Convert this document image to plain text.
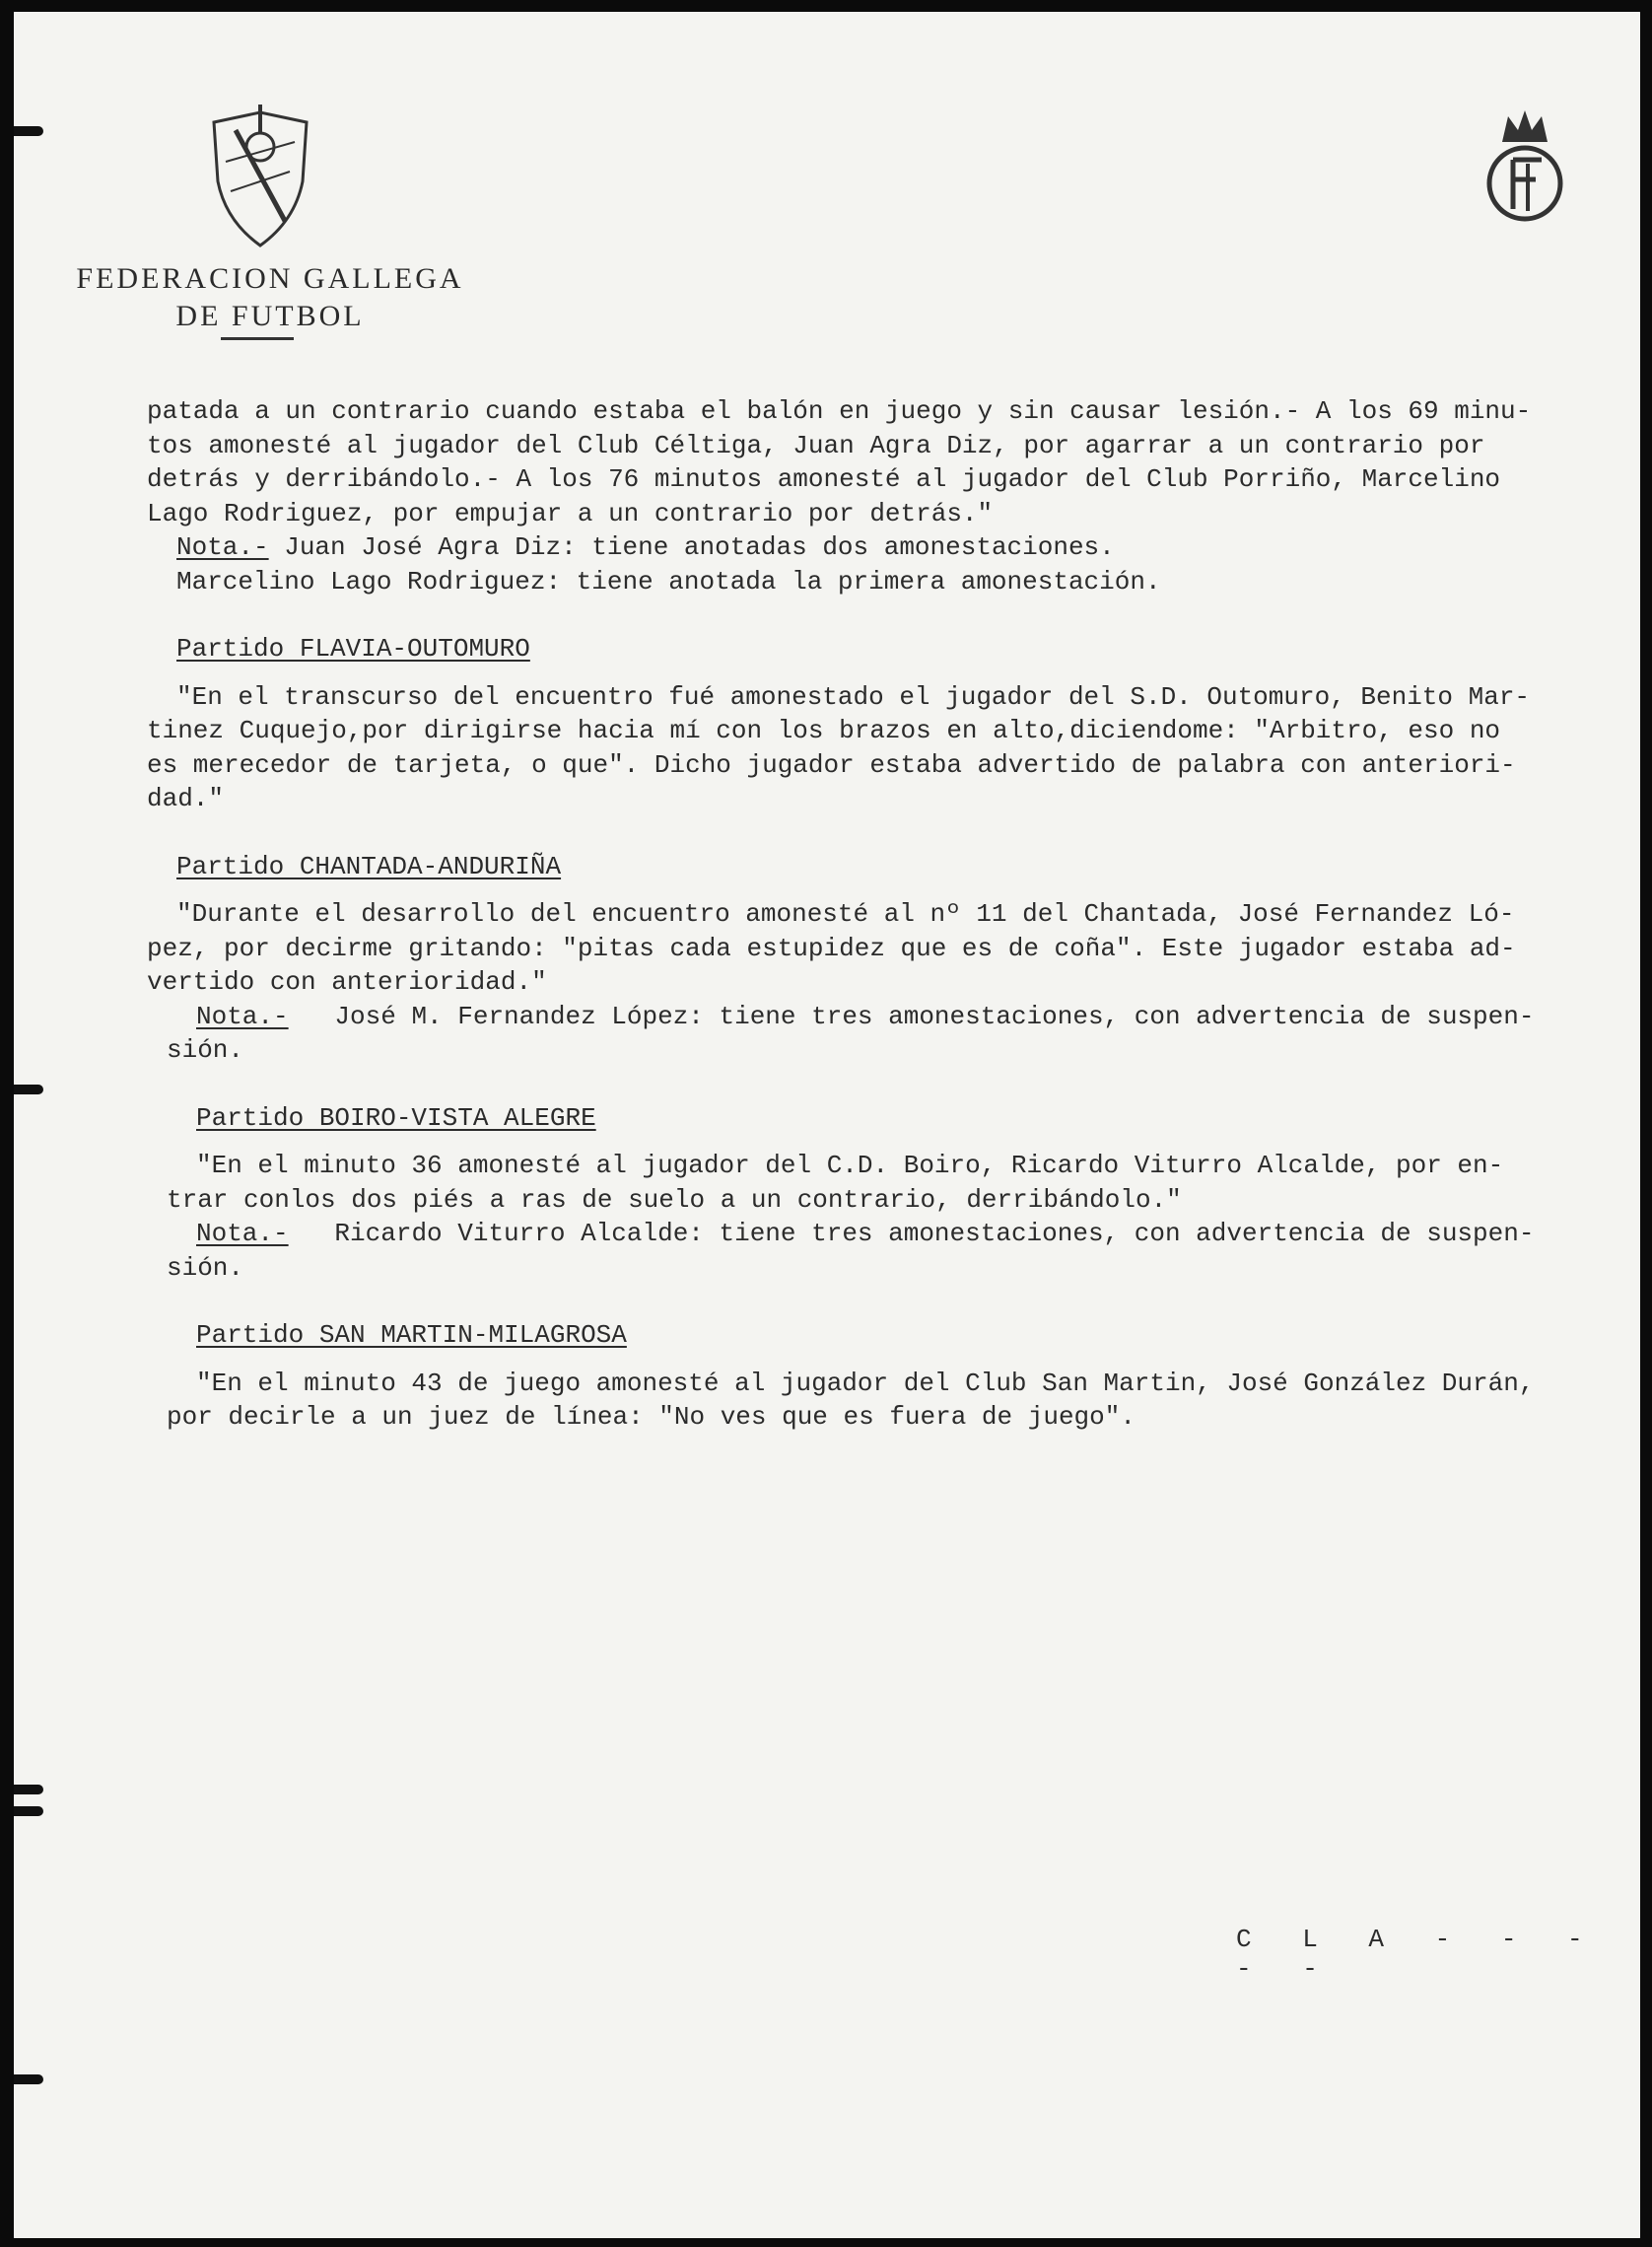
FEDERACION GALLEGA
DE FUTBOL

patada a un contrario cuando estaba el balón en juego y sin causar lesión.- A los 69 minu-

tos amonesté al jugador del Club Céltiga, Juan Agra Diz, por agarrar a un contrario por

detrás y derribándolo.- A los 76 minutos amonesté al jugador del Club Porriño, Marcelino

Lago Rodriguez, por empujar a un contrario por detrás."

Nota.- Juan José Agra Diz: tiene anotadas dos amonestaciones.

Marcelino Lago Rodriguez: tiene anotada la primera amonestación.

Partido FLAVIA-OUTOMURO

"En el transcurso del encuentro fué amonestado el jugador del S.D. Outomuro, Benito Mar-

tinez Cuquejo,por dirigirse hacia mí con los brazos en alto,diciendome: "Arbitro, eso no

es merecedor de tarjeta, o que". Dicho jugador estaba advertido de palabra con anteriori-

dad."

Partido CHANTADA-ANDURIÑA

"Durante el desarrollo del encuentro amonesté al nº 11 del Chantada, José Fernandez Ló-

pez, por decirme gritando: "pitas cada estupidez que es de coña". Este jugador estaba ad-

vertido con anterioridad."

Nota.-   José M. Fernandez López: tiene tres amonestaciones, con advertencia de suspen-

sión.

Partido BOIRO-VISTA ALEGRE

"En el minuto 36 amonesté al jugador del C.D. Boiro, Ricardo Viturro Alcalde, por en-

trar conlos dos piés a ras de suelo a un contrario, derribándolo."

Nota.-   Ricardo Viturro Alcalde: tiene tres amonestaciones, con advertencia de suspen-

sión.

Partido SAN MARTIN-MILAGROSA

"En el minuto 43 de juego amonesté al jugador del Club San Martin, José González Durán,

por decirle a un juez de línea: "No ves que es fuera de juego".

C L A - - - - -
